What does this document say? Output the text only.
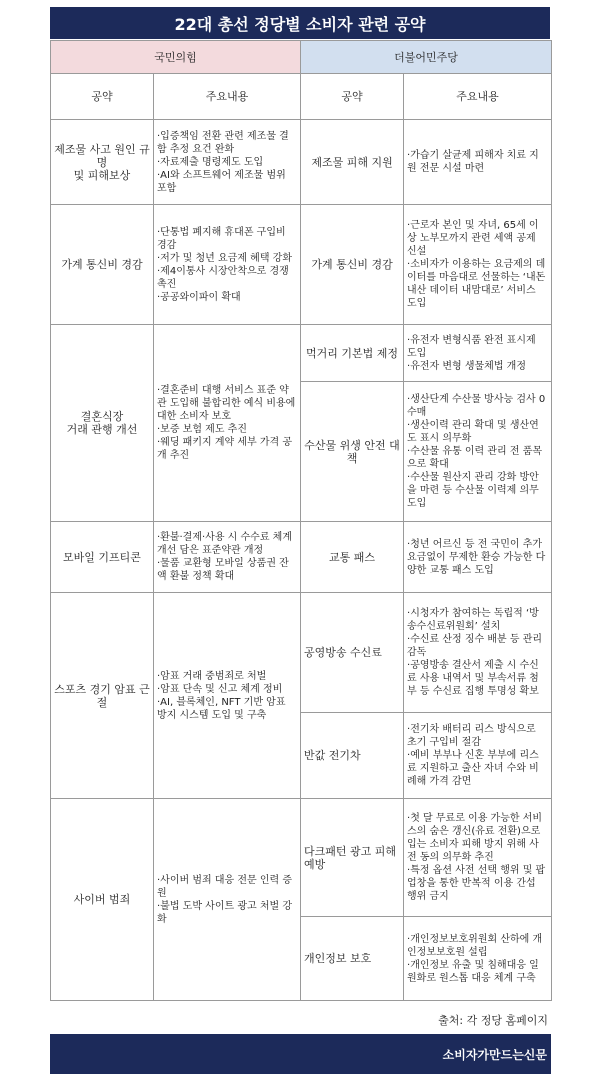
22대 총선 정당별 소비자 관련 공약
국민의힘		더불어민주당	
공약	주요내용	공약	주요내용

제조물 사고 원인 규명
및 피해보상	·입증책임 전환 관련 제조물 결함 추정 요건 완화
·자료제출 명령제도 도입
·AI와 소프트웨어 제조물 범위 포함	제조물 피해 지원	·가습기 살균제 피해자 치료 지원 전문 시설 마련

가계 통신비 경감	·단통법 폐지해 휴대폰 구입비 경감
·저가 및 청년 요금제 혜택 강화
·제4이통사 시장안착으로 경쟁 촉진
·공공와이파이 확대	가계 통신비 경감	·근로자 본인 및 자녀, 65세 이상 노부모까지 관련 세액 공제 신설
·소비자가 이용하는 요금제의 데이터를 마음대로 선물하는 ‘내돈내산 데이터 내맘대로’ 서비스 도입

결혼식장
거래 관행 개선	·결혼준비 대행 서비스 표준 약관 도입해 불합리한 예식 비용에 대한 소비자 보호
·보증 보험 제도 추진
·웨딩 패키지 계약 세부 가격 공개 추진	먹거리 기본법 제정	·유전자 변형식품 완전 표시제 도입
·유전자 변형 생물체법 개정

		수산물 위생 안전 대책	·생산단계 수산물 방사능 검사 0 수매
·생산이력 관리 확대 및 생산연도 표시 의무화
·수산물 유통 이력 관리 전 품목으로 확대
·수산물 원산지 관리 강화 방안을 마련 등 수산물 이력제 의무도입

모바일 기프티콘	·환불·결제·사용 시 수수료 체계 개선 담은 표준약관 개정
·물품 교환형 모바일 상품권 잔액 환불 정책 확대	교통 패스	·청년 어르신 등 전 국민이 추가 요금없이 무제한 환승 가능한 다양한 교통 패스 도입

스포츠 경기 암표 근절	·암표 거래 중범죄로 처벌
·암표 단속 및 신고 체계 정비
·AI, 블록체인, NFT 기반 암표 방지 시스템 도입 및 구축	공영방송 수신료	·시청자가 참여하는 독립적 ‘방송수신료위원회’ 설치
·수신료 산정 징수 배분 등 관리 감독
·공영방송 결산서 제출 시 수신료 사용 내역서 및 부속서류 첨부 등 수신료 집행 투명성 확보

		반값 전기차	·전기차 배터리 리스 방식으로 초기 구입비 절감
·예비 부부나 신혼 부부에 리스료 지원하고 출산 자녀 수와 비례해 가격 감면

사이버 범죄	·사이버 범죄 대응 전문 인력 증원
·불법 도박 사이트 광고 처벌 강화	다크패턴 광고 피해 예방	·첫 달 무료로 이용 가능한 서비스의 숨은 갱신(유료 전환)으로 입는 소비자 피해 방지 위해 사전 동의 의무화 추진
·특정 옵션 사전 선택 행위 및 팝업창을 통한 반복적 이용 간섭 행위 금지

		개인정보 보호	·개인정보보호위원회 산하에 개인정보보호원 설립
·개인정보 유출 및 침해대응 일원화로 원스톱 대응 체계 구축
출처: 각 정당 홈페이지
소비자가만드는신문
